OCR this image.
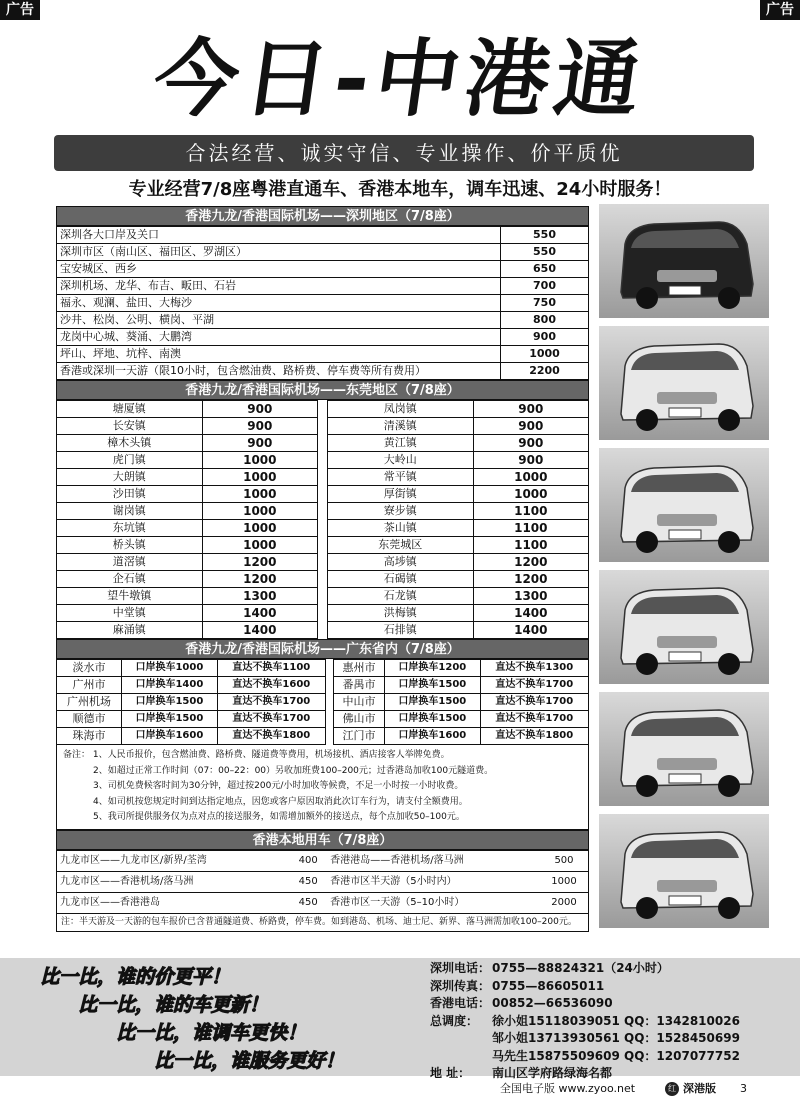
广告	广告
今日-中港通
合法经营、诚实守信、专业操作、价平质优
专业经营7/8座粤港直通车、香港本地车，调车迅速、24小时服务！
香港九龙/香港国际机场——深圳地区（7/8座）
深圳各大口岸及关口	550
深圳市区（南山区、福田区、罗湖区）	550
宝安城区、西乡	650
深圳机场、龙华、布吉、畈田、石岩	700
福永、观澜、盐田、大梅沙	750
沙井、松岗、公明、横岗、平湖	800
龙岗中心城、葵涌、大鹏湾	900
坪山、坪地、坑梓、南澳	1000
香港或深圳一天游（限10小时，包含燃油费、路桥费、停车费等所有费用）	2200
香港九龙/香港国际机场——东莞地区（7/8座）
塘厦镇	900		凤岗镇	900
长安镇	900		清溪镇	900
樟木头镇	900		黄江镇	900
虎门镇	1000		大岭山	900
大朗镇	1000		常平镇	1000
沙田镇	1000		厚街镇	1000
谢岗镇	1000		寮步镇	1100
东坑镇	1000		茶山镇	1100
桥头镇	1000		东莞城区	1100
道滘镇	1200		高埗镇	1200
企石镇	1200		石碣镇	1200
望牛墩镇	1300		石龙镇	1300
中堂镇	1400		洪梅镇	1400
麻涌镇	1400		石排镇	1400
香港九龙/香港国际机场——广东省内（7/8座）
淡水市	口岸换车1000	直达不换车1100		惠州市	口岸换车1200	直达不换车1300
广州市	口岸换车1400	直达不换车1600		番禺市	口岸换车1500	直达不换车1700
广州机场	口岸换车1500	直达不换车1700		中山市	口岸换车1500	直达不换车1700
顺德市	口岸换车1500	直达不换车1700		佛山市	口岸换车1500	直达不换车1700
珠海市	口岸换车1600	直达不换车1800		江门市	口岸换车1600	直达不换车1800
备注： 1、人民币报价，包含燃油费、路桥费、隧道费等费用，机场接机、酒店接客人举牌免费。
2、如超过正常工作时间（07：00–22：00）另收加班费100–200元；过香港岛加收100元隧道费。
3、司机免费候客时间为30分钟，超过按200元/小时加收等候费，不足一小时按一小时收费。
4、如司机按您规定时间到达指定地点，因您或客户原因取消此次订车行为，请支付全额费用。
5、我司所提供服务仅为点对点的接送服务，如需增加额外的接送点，每个点加收50–100元。
香港本地用车（7/8座）
九龙市区——九龙市区/新界/荃湾	400	香港港岛——香港机场/落马洲	500
九龙市区——香港机场/落马洲	450	香港市区半天游（5小时内）	1000
九龙市区——香港港岛	450	香港市区一天游（5–10小时）	2000
注：半天游及一天游的包车报价已含普通隧道费、桥路费，停车费。如到港岛、机场、迪士尼、新界、落马洲需加收100–200元。
比一比，谁的价更平！
比一比，谁的车更新！
比一比，谁调车更快！
比一比，谁服务更好！
深圳电话： 0755—88824321（24小时）
深圳传真： 0755—86605011
香港电话： 00852—66536090
总调度： 徐小姐15118039051 QQ：1342810026
邹小姐13713930561 QQ：1528450699
马先生15875509609 QQ：1207077752
地 址： 南山区学府路绿海名都
全国电子版 www.zyoo.net	红 深港版 3
